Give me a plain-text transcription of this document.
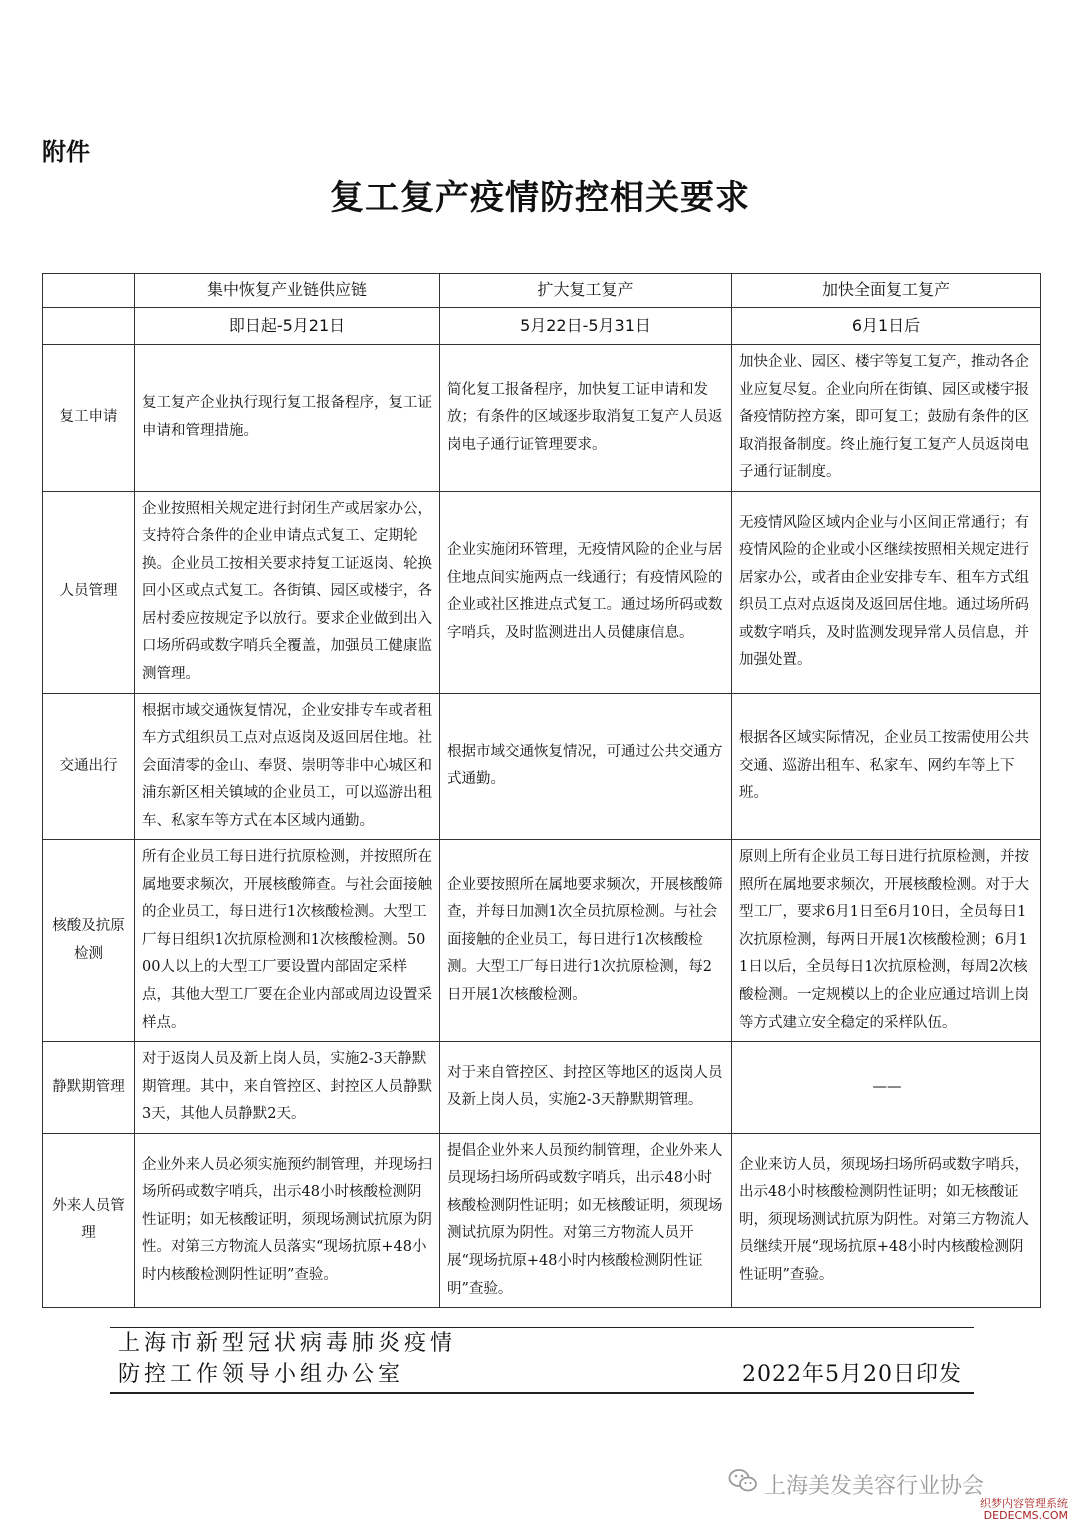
附件
复工复产疫情防控相关要求
	集中恢复产业链供应链	扩大复工复产	加快全面复工复产
	即日起-5月21日	5月22日-5月31日	6月1日后
复工申请	复工复产企业执行现行复工报备程序，复工证申请和管理措施。	简化复工报备程序，加快复工证申请和发放；有条件的区域逐步取消复工复产人员返岗电子通行证管理要求。	加快企业、园区、楼宇等复工复产，推动各企业应复尽复。企业向所在街镇、园区或楼宇报备疫情防控方案，即可复工；鼓励有条件的区取消报备制度。终止施行复工复产人员返岗电子通行证制度。
人员管理	企业按照相关规定进行封闭生产或居家办公，支持符合条件的企业申请点式复工、定期轮换。企业员工按相关要求持复工证返岗、轮换回小区或点式复工。各街镇、园区或楼宇，各居村委应按规定予以放行。要求企业做到出入口场所码或数字哨兵全覆盖，加强员工健康监测管理。	企业实施闭环管理，无疫情风险的企业与居住地点间实施两点一线通行；有疫情风险的企业或社区推进点式复工。通过场所码或数字哨兵，及时监测进出人员健康信息。	无疫情风险区域内企业与小区间正常通行；有疫情风险的企业或小区继续按照相关规定进行居家办公，或者由企业安排专车、租车方式组织员工点对点返岗及返回居住地。通过场所码或数字哨兵，及时监测发现异常人员信息，并加强处置。
交通出行	根据市域交通恢复情况，企业安排专车或者租车方式组织员工点对点返岗及返回居住地。社会面清零的金山、奉贤、崇明等非中心城区和浦东新区相关镇域的企业员工，可以巡游出租车、私家车等方式在本区域内通勤。	根据市域交通恢复情况，可通过公共交通方式通勤。	根据各区域实际情况，企业员工按需使用公共交通、巡游出租车、私家车、网约车等上下班。
核酸及抗原检测	所有企业员工每日进行抗原检测，并按照所在属地要求频次，开展核酸筛查。与社会面接触的企业员工，每日进行1次核酸检测。大型工厂每日组织1次抗原检测和1次核酸检测。5000人以上的大型工厂要设置内部固定采样点，其他大型工厂要在企业内部或周边设置采样点。	企业要按照所在属地要求频次，开展核酸筛查，并每日加测1次全员抗原检测。与社会面接触的企业员工，每日进行1次核酸检测。大型工厂每日进行1次抗原检测，每2日开展1次核酸检测。	原则上所有企业员工每日进行抗原检测，并按照所在属地要求频次，开展核酸检测。对于大型工厂，要求6月1日至6月10日，全员每日1次抗原检测，每两日开展1次核酸检测；6月11日以后，全员每日1次抗原检测，每周2次核酸检测。一定规模以上的企业应通过培训上岗等方式建立安全稳定的采样队伍。
静默期管理	对于返岗人员及新上岗人员，实施2-3天静默期管理。其中，来自管控区、封控区人员静默3天，其他人员静默2天。	对于来自管控区、封控区等地区的返岗人员及新上岗人员，实施2-3天静默期管理。	——
外来人员管理	企业外来人员必须实施预约制管理，并现场扫场所码或数字哨兵，出示48小时核酸检测阴性证明；如无核酸证明，须现场测试抗原为阴性。对第三方物流人员落实“现场抗原+48小时内核酸检测阴性证明”查验。	提倡企业外来人员预约制管理，企业外来人员现场扫场所码或数字哨兵，出示48小时核酸检测阴性证明；如无核酸证明，须现场测试抗原为阴性。对第三方物流人员开展“现场抗原+48小时内核酸检测阴性证明”查验。	企业来访人员，须现场扫场所码或数字哨兵，出示48小时核酸检测阴性证明；如无核酸证明，须现场测试抗原为阴性。对第三方物流人员继续开展“现场抗原+48小时内核酸检测阴性证明”查验。
上海市新型冠状病毒肺炎疫情
防控工作领导小组办公室	2022年5月20日印发
上海美发美容行业协会
织梦内容管理系统
DEDECMS.COM
